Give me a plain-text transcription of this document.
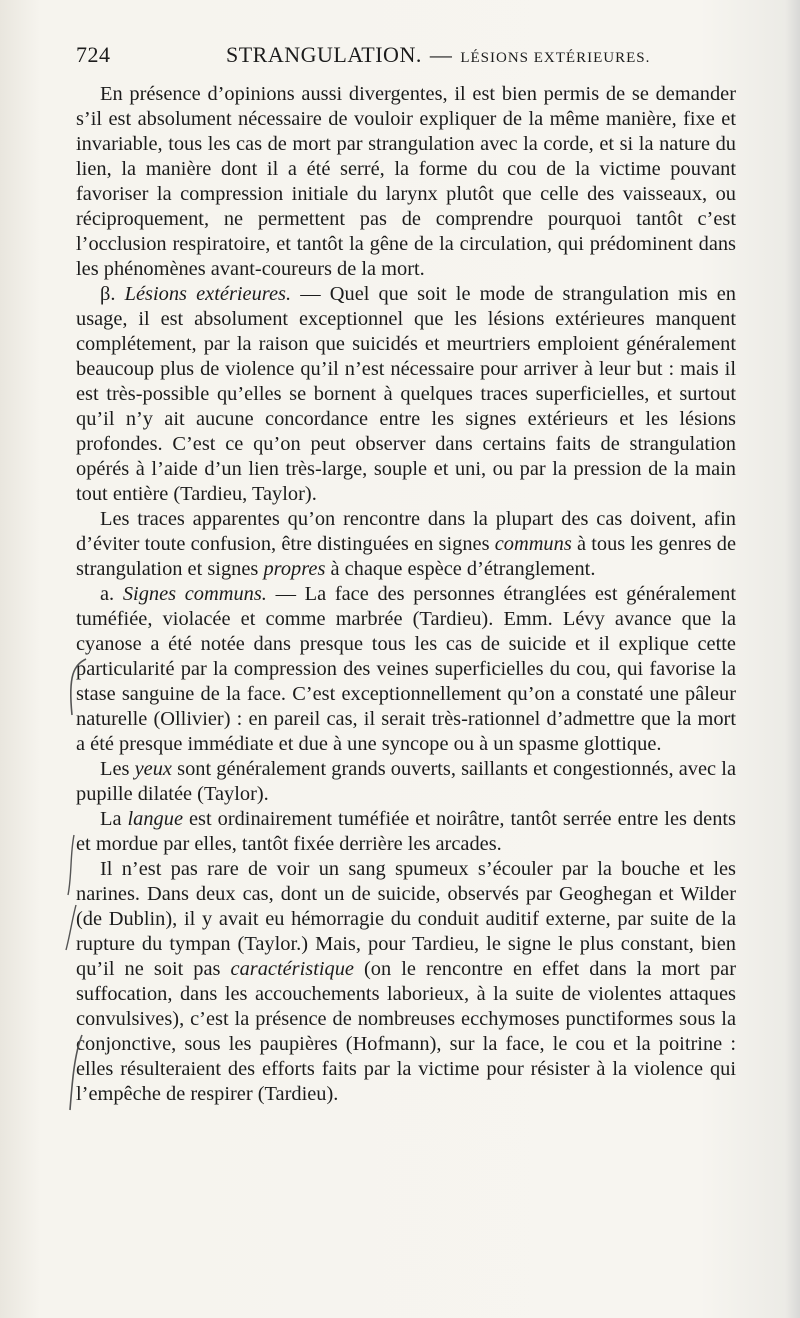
724	STRANGULATION. — LÉSIONS EXTÉRIEURES.

En présence d’opinions aussi divergentes, il est bien permis de se demander s’il est absolument nécessaire de vouloir expliquer de la même manière, fixe et invariable, tous les cas de mort par strangulation avec la corde, et si la nature du lien, la manière dont il a été serré, la forme du cou de la victime pouvant favoriser la compression initiale du larynx plutôt que celle des vaisseaux, ou réciproquement, ne permettent pas de comprendre pourquoi tantôt c’est l’occlusion respiratoire, et tantôt la gêne de la circulation, qui prédominent dans les phénomènes avant-coureurs de la mort.

β. Lésions extérieures. — Quel que soit le mode de strangulation mis en usage, il est absolument exceptionnel que les lésions extérieures manquent complétement, par la raison que suicidés et meurtriers emploient généralement beaucoup plus de violence qu’il n’est nécessaire pour arriver à leur but : mais il est très-possible qu’elles se bornent à quelques traces superficielles, et surtout qu’il n’y ait aucune concordance entre les signes extérieurs et les lésions profondes. C’est ce qu’on peut observer dans certains faits de strangulation opérés à l’aide d’un lien très-large, souple et uni, ou par la pression de la main tout entière (Tardieu, Taylor).

Les traces apparentes qu’on rencontre dans la plupart des cas doivent, afin d’éviter toute confusion, être distinguées en signes communs à tous les genres de strangulation et signes propres à chaque espèce d’étranglement.

a. Signes communs. — La face des personnes étranglées est généralement tuméfiée, violacée et comme marbrée (Tardieu). Emm. Lévy avance que la cyanose a été notée dans presque tous les cas de suicide et il explique cette particularité par la compression des veines superficielles du cou, qui favorise la stase sanguine de la face. C’est exceptionnellement qu’on a constaté une pâleur naturelle (Ollivier) : en pareil cas, il serait très-rationnel d’admettre que la mort a été presque immédiate et due à une syncope ou à un spasme glottique.

Les yeux sont généralement grands ouverts, saillants et congestionnés, avec la pupille dilatée (Taylor).

La langue est ordinairement tuméfiée et noirâtre, tantôt serrée entre les dents et mordue par elles, tantôt fixée derrière les arcades.

Il n’est pas rare de voir un sang spumeux s’écouler par la bouche et les narines. Dans deux cas, dont un de suicide, observés par Geoghegan et Wilder (de Dublin), il y avait eu hémorragie du conduit auditif externe, par suite de la rupture du tympan (Taylor.) Mais, pour Tardieu, le signe le plus constant, bien qu’il ne soit pas caractéristique (on le rencontre en effet dans la mort par suffocation, dans les accouchements laborieux, à la suite de violentes attaques convulsives), c’est la présence de nombreuses ecchymoses punctiformes sous la conjonctive, sous les paupières (Hofmann), sur la face, le cou et la poitrine : elles résulteraient des efforts faits par la victime pour résister à la violence qui l’empêche de respirer (Tardieu).
